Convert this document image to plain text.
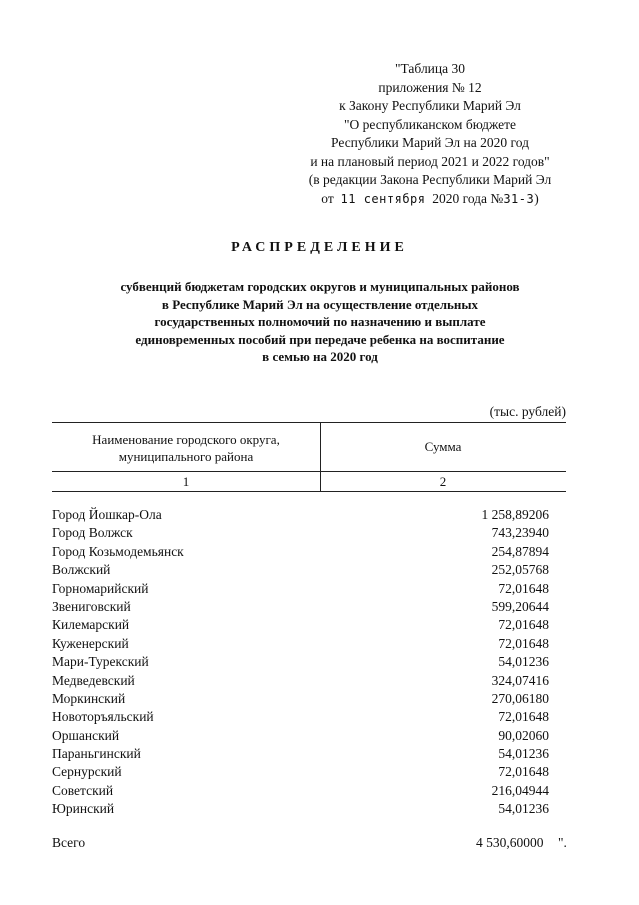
"Таблица 30
приложения № 12
к Закону Республики Марий Эл
"О республиканском бюджете
Республики Марий Эл на 2020 год
и на плановый период 2021 и 2022 годов"
(в редакции Закона Республики Марий Эл
от 11 сентября 2020 года №31-З)
РАСПРЕДЕЛЕНИЕ
субвенций бюджетам городских округов и муниципальных районов
в Республике Марий Эл на осуществление отдельных
государственных полномочий по назначению и выплате
единовременных пособий при передаче ребенка на воспитание
в семью на 2020 год
(тыс. рублей)
Наименование городского округа,
муниципального района
Сумма
1	2
Город Йошкар-Ола	1 258,89206
Город Волжск	743,23940
Город Козьмодемьянск	254,87894
Волжский	252,05768
Горномарийский	72,01648
Звениговский	599,20644
Килемарский	72,01648
Куженерский	72,01648
Мари-Турекский	54,01236
Медведевский	324,07416
Моркинский	270,06180
Новоторъяльский	72,01648
Оршанский	90,02060
Параньгинский	54,01236
Сернурский	72,01648
Советский	216,04944
Юринский	54,01236
Всего	4 530,60000 ".
